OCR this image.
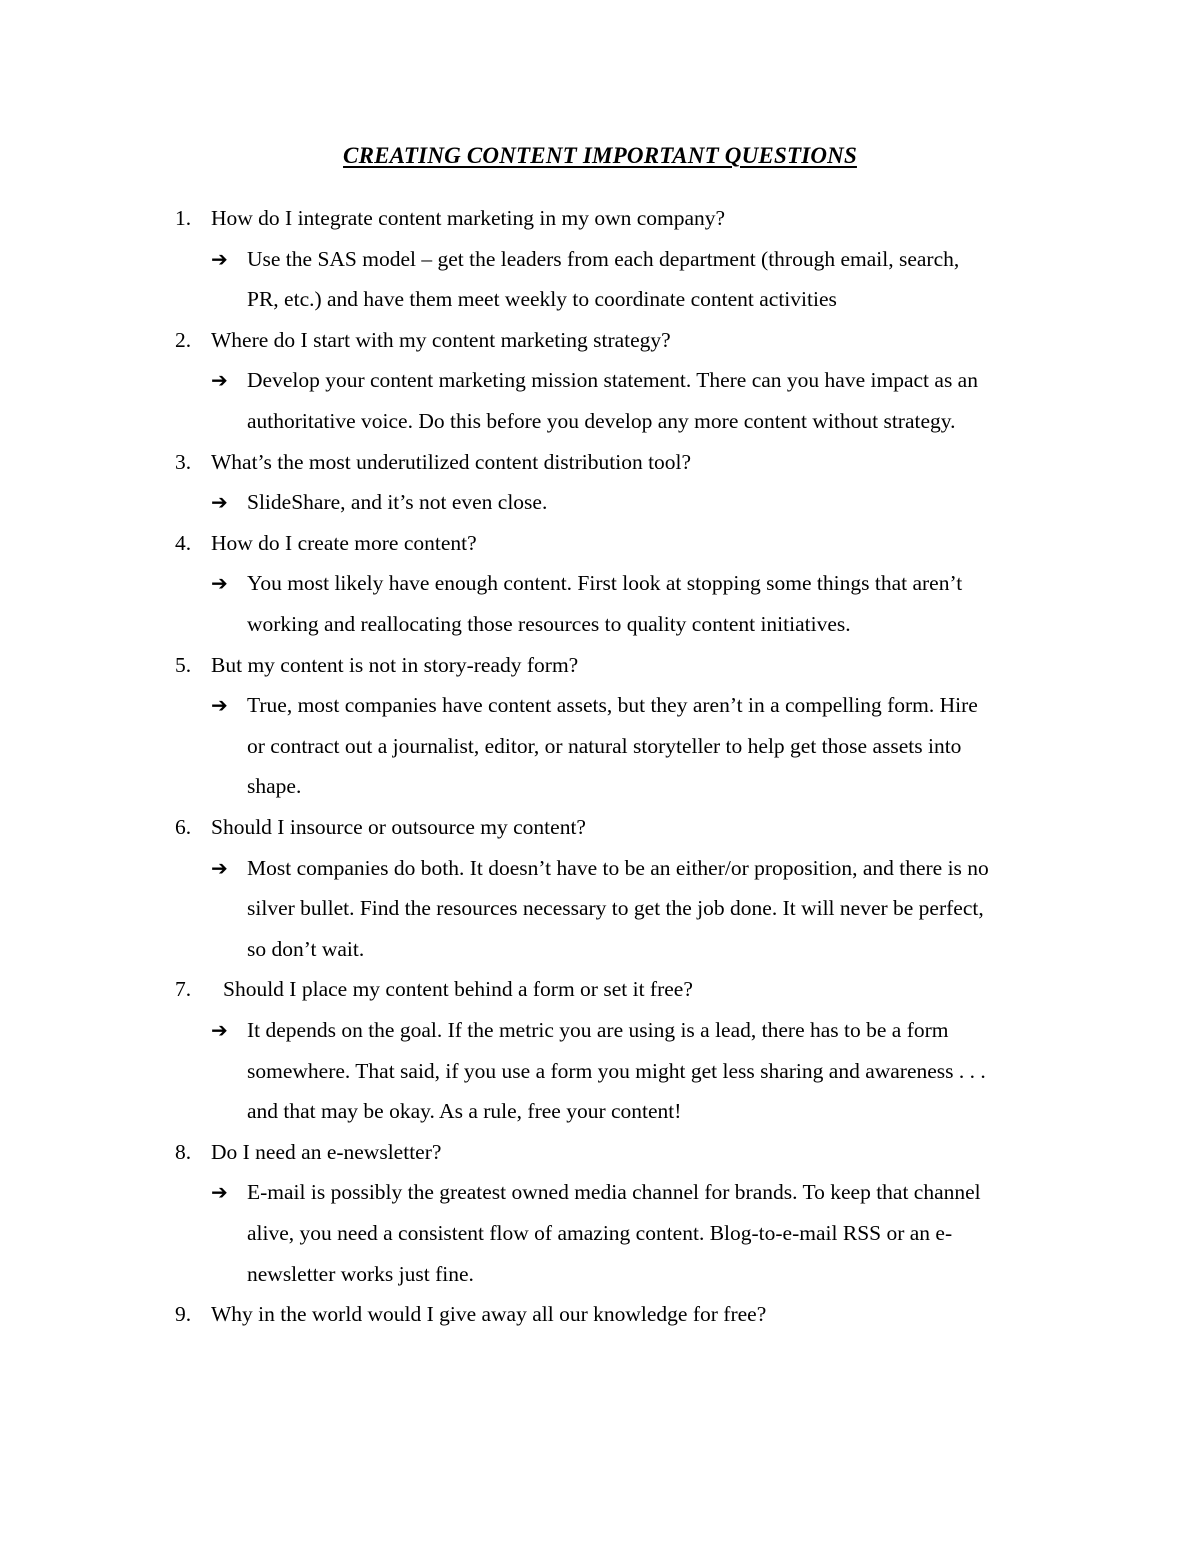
CREATING CONTENT IMPORTANT QUESTIONS
1. How do I integrate content marketing in my own company?
➔ Use the SAS model – get the leaders from each department (through email, search,
PR, etc.) and have them meet weekly to coordinate content activities
2. Where do I start with my content marketing strategy?
➔ Develop your content marketing mission statement. There can you have impact as an
authoritative voice. Do this before you develop any more content without strategy.
3. What’s the most underutilized content distribution tool?
➔ SlideShare, and it’s not even close.
4. How do I create more content?
➔ You most likely have enough content. First look at stopping some things that aren’t
working and reallocating those resources to quality content initiatives.
5. But my content is not in story-ready form?
➔ True, most companies have content assets, but they aren’t in a compelling form. Hire
or contract out a journalist, editor, or natural storyteller to help get those assets into
shape.
6. Should I insource or outsource my content?
➔ Most companies do both. It doesn’t have to be an either/or proposition, and there is no
silver bullet. Find the resources necessary to get the job done. It will never be perfect,
so don’t wait.
7. Should I place my content behind a form or set it free?
➔ It depends on the goal. If the metric you are using is a lead, there has to be a form
somewhere. That said, if you use a form you might get less sharing and awareness . . .
and that may be okay. As a rule, free your content!
8. Do I need an e-newsletter?
➔ E-mail is possibly the greatest owned media channel for brands. To keep that channel
alive, you need a consistent flow of amazing content. Blog-to-e-mail RSS or an e-
newsletter works just fine.
9. Why in the world would I give away all our knowledge for free?
